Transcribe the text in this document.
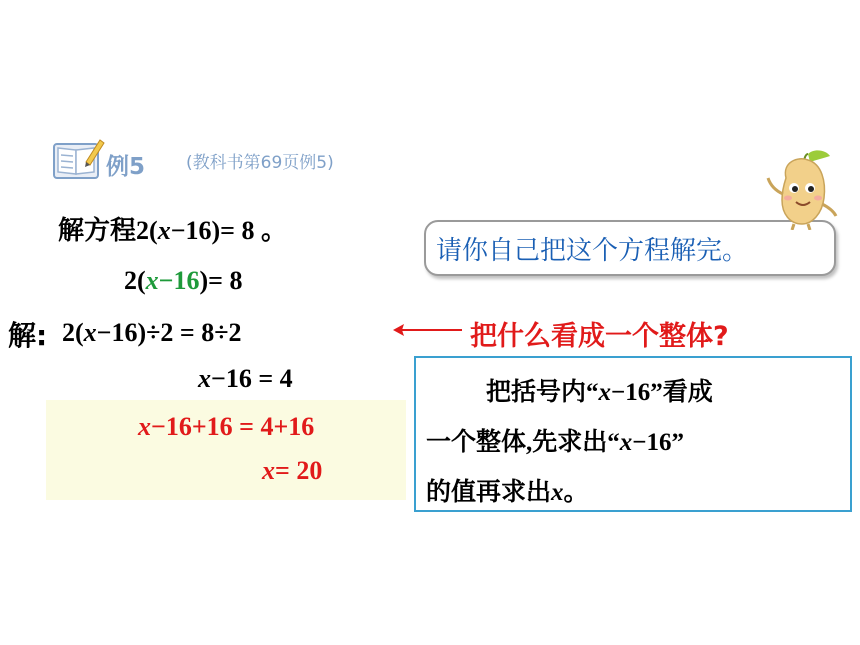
例5 (教科书第69页例5)
解方程2(x−16)= 8 。
2(x−16)= 8
解: 2(x−16)÷2 = 8÷2
x−16 = 4
x−16+16 = 4+16
x= 20
请你自己把这个方程解完。
把什么看成一个整体?
把括号内“x−16”看成
一个整体,先求出“x−16”
的值再求出x。
